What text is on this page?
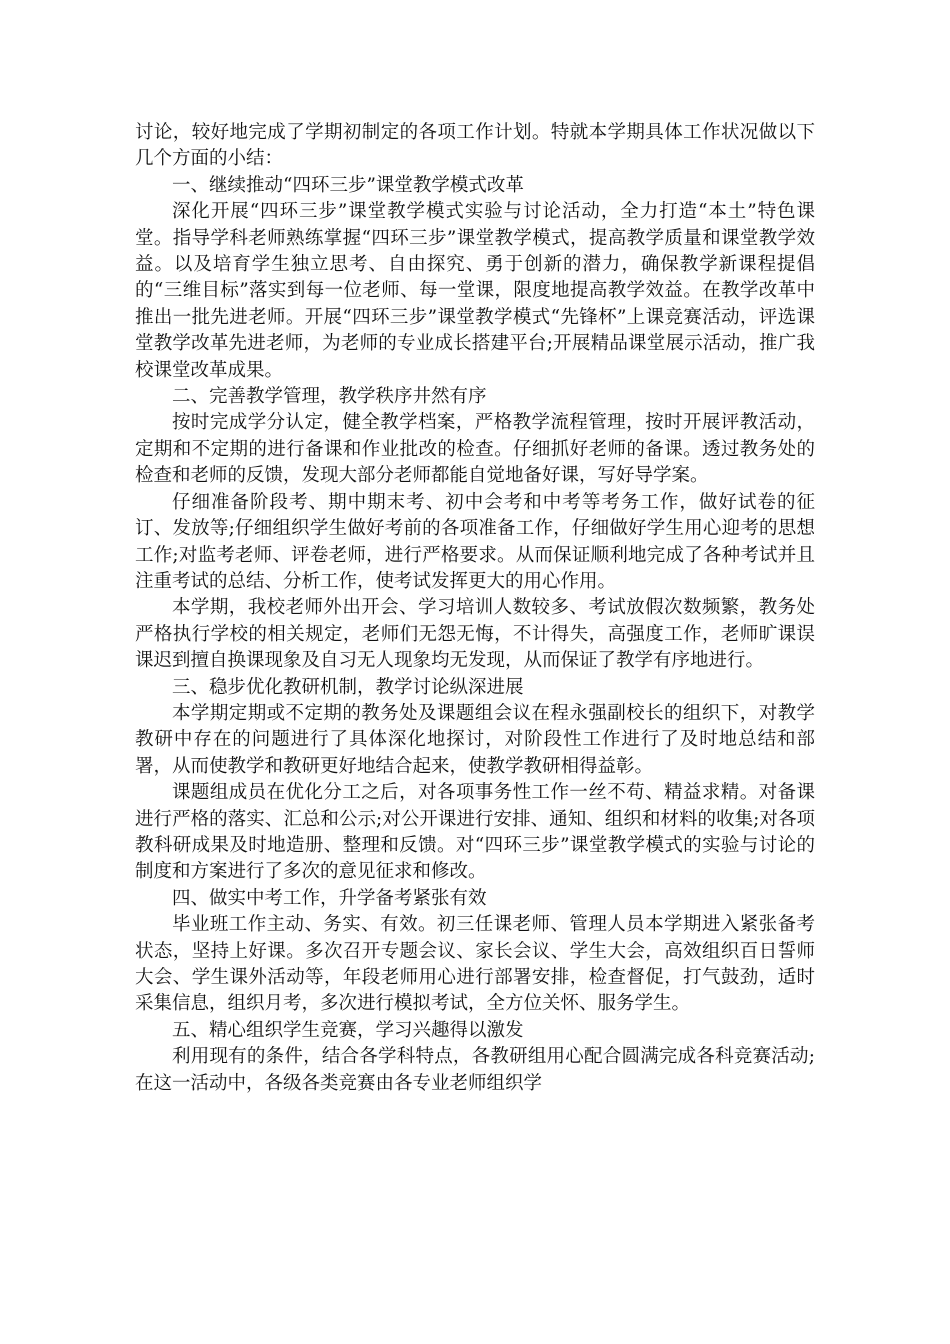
讨论，较好地完成了学期初制定的各项工作计划。特就本学期具体工作状况做以下几个方面的小结：

一、继续推动“四环三步”课堂教学模式改革

深化开展“四环三步”课堂教学模式实验与讨论活动，全力打造“本土”特色课堂。指导学科老师熟练掌握“四环三步”课堂教学模式，提高教学质量和课堂教学效益。以及培育学生独立思考、自由探究、勇于创新的潜力，确保教学新课程提倡的“三维目标”落实到每一位老师、每一堂课，限度地提高教学效益。在教学改革中推出一批先进老师。开展“四环三步”课堂教学模式“先锋杯”上课竞赛活动，评选课堂教学改革先进老师，为老师的专业成长搭建平台;开展精品课堂展示活动，推广我校课堂改革成果。

二、完善教学管理，教学秩序井然有序

按时完成学分认定，健全教学档案，严格教学流程管理，按时开展评教活动，定期和不定期的进行备课和作业批改的检查。仔细抓好老师的备课。透过教务处的检查和老师的反馈，发现大部分老师都能自觉地备好课，写好导学案。

仔细准备阶段考、期中期末考、初中会考和中考等考务工作，做好试卷的征订、发放等;仔细组织学生做好考前的各项准备工作，仔细做好学生用心迎考的思想工作;对监考老师、评卷老师，进行严格要求。从而保证顺利地完成了各种考试并且注重考试的总结、分析工作，使考试发挥更大的用心作用。

本学期，我校老师外出开会、学习培训人数较多、考试放假次数频繁，教务处严格执行学校的相关规定，老师们无怨无悔，不计得失，高强度工作，老师旷课误课迟到擅自换课现象及自习无人现象均无发现，从而保证了教学有序地进行。

三、稳步优化教研机制，教学讨论纵深进展

本学期定期或不定期的教务处及课题组会议在程永强副校长的组织下，对教学教研中存在的问题进行了具体深化地探讨，对阶段性工作进行了及时地总结和部署，从而使教学和教研更好地结合起来，使教学教研相得益彰。

课题组成员在优化分工之后，对各项事务性工作一丝不苟、精益求精。对备课进行严格的落实、汇总和公示;对公开课进行安排、通知、组织和材料的收集;对各项教科研成果及时地造册、整理和反馈。对“四环三步”课堂教学模式的实验与讨论的制度和方案进行了多次的意见征求和修改。

四、做实中考工作，升学备考紧张有效

毕业班工作主动、务实、有效。初三任课老师、管理人员本学期进入紧张备考状态，坚持上好课。多次召开专题会议、家长会议、学生大会，高效组织百日誓师大会、学生课外活动等，年段老师用心进行部署安排，检查督促，打气鼓劲，适时采集信息，组织月考，多次进行模拟考试，全方位关怀、服务学生。

五、精心组织学生竞赛，学习兴趣得以激发

利用现有的条件，结合各学科特点，各教研组用心配合圆满完成各科竞赛活动;在这一活动中，各级各类竞赛由各专业老师组织学
